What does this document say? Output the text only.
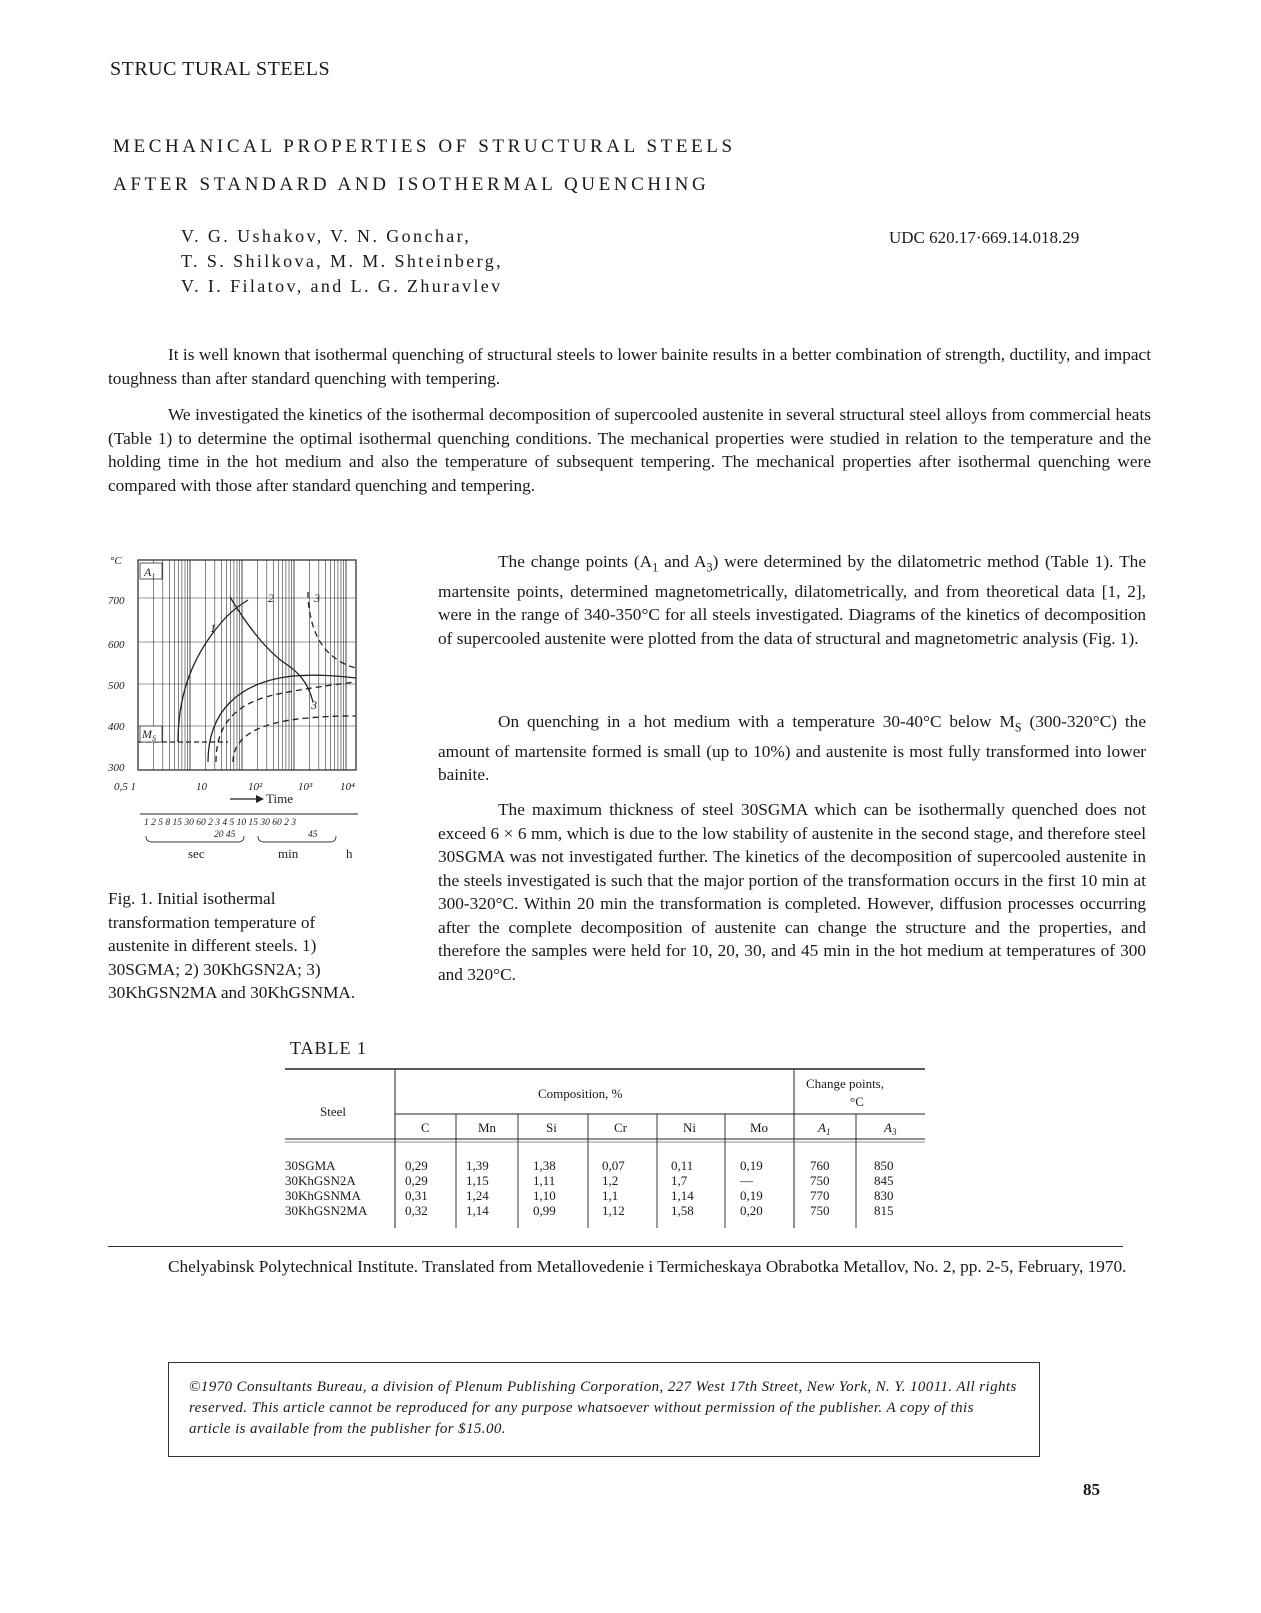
STRUC TURAL STEELS
MECHANICAL PROPERTIES OF STRUCTURAL STEELS
AFTER STANDARD AND ISOTHERMAL QUENCHING
V. G. Ushakov, V. N. Gonchar,
T. S. Shilkova, M. M. Shteinberg,
V. I. Filatov, and L. G. Zhuravlev
UDC 620.17·669.14.018.29

It is well known that isothermal quenching of structural steels to lower bainite results in a better combination of strength, ductility, and impact toughness than after standard quenching with tempering.

We investigated the kinetics of the isothermal decomposition of supercooled austenite in several structural steel alloys from commercial heats (Table 1) to determine the optimal isothermal quenching conditions. The mechanical properties were studied in relation to the temperature and the holding time in the hot medium and also the temperature of subsequent tempering. The mechanical properties after isothermal quenching were compared with those after standard quenching and tempering.

°C
700
600
500
400
300
$A_1$
$M_S$
1
2	3
3
0,5 1	10	10²	10³	10⁴
Time
1 2 5 8 15 30 60 2 3 4 5 10 15 30 60 2 3
20 45	45
sec	min	h

Fig. 1. Initial isothermal transformation temperature of austenite in different steels. 1) 30SGMA; 2) 30KhGSN2A; 3) 30KhGSN2MA and 30KhGSNMA.

The change points ($A_1$ and $A_3$) were determined by the dilatometric method (Table 1). The martensite points, determined magnetometrically, dilatometrically, and from theoretical data [1, 2], were in the range of 340-350°C for all steels investigated. Diagrams of the kinetics of decomposition of supercooled austenite were plotted from the data of structural and magnetometric analysis (Fig. 1).

On quenching in a hot medium with a temperature 30-40°C below $M_S$ (300-320°C) the amount of martensite formed is small (up to 10%) and austenite is most fully transformed into lower bainite.

The maximum thickness of steel 30SGMA which can be isothermally quenched does not exceed 6 × 6 mm, which is due to the low stability of austenite in the second stage, and therefore steel 30SGMA was not investigated further. The kinetics of the decomposition of supercooled austenite in the steels investigated is such that the major portion of the transformation occurs in the first 10 min at 300-320°C. Within 20 min the transformation is completed. However, diffusion processes occurring after the complete decomposition of austenite can change the structure and the properties, and therefore the samples were held for 10, 20, 30, and 45 min in the hot medium at temperatures of 300 and 320°C.

TABLE 1
Steel
Composition, %
Change points,
°C
C	Mn	Si	Cr	Ni	Mo	$A_1$	$A_3$
30SGMA	0,29	1,39	1,38	0,07	0,11	0,19	760	850
30KhGSN2A	0,29	1,15	1,11	1,2	1,7	—	750	845
30KhGSNMA	0,31	1,24	1,10	1,1	1,14	0,19	770	830
30KhGSN2MA	0,32	1,14	0,99	1,12	1,58	0,20	750	815

Chelyabinsk Polytechnical Institute. Translated from Metallovedenie i Termicheskaya Obrabotka Metallov, No. 2, pp. 2-5, February, 1970.

©1970 Consultants Bureau, a division of Plenum Publishing Corporation, 227 West 17th Street, New York, N. Y. 10011. All rights reserved. This article cannot be reproduced for any purpose whatsoever without permission of the publisher. A copy of this article is available from the publisher for $15.00.
85
